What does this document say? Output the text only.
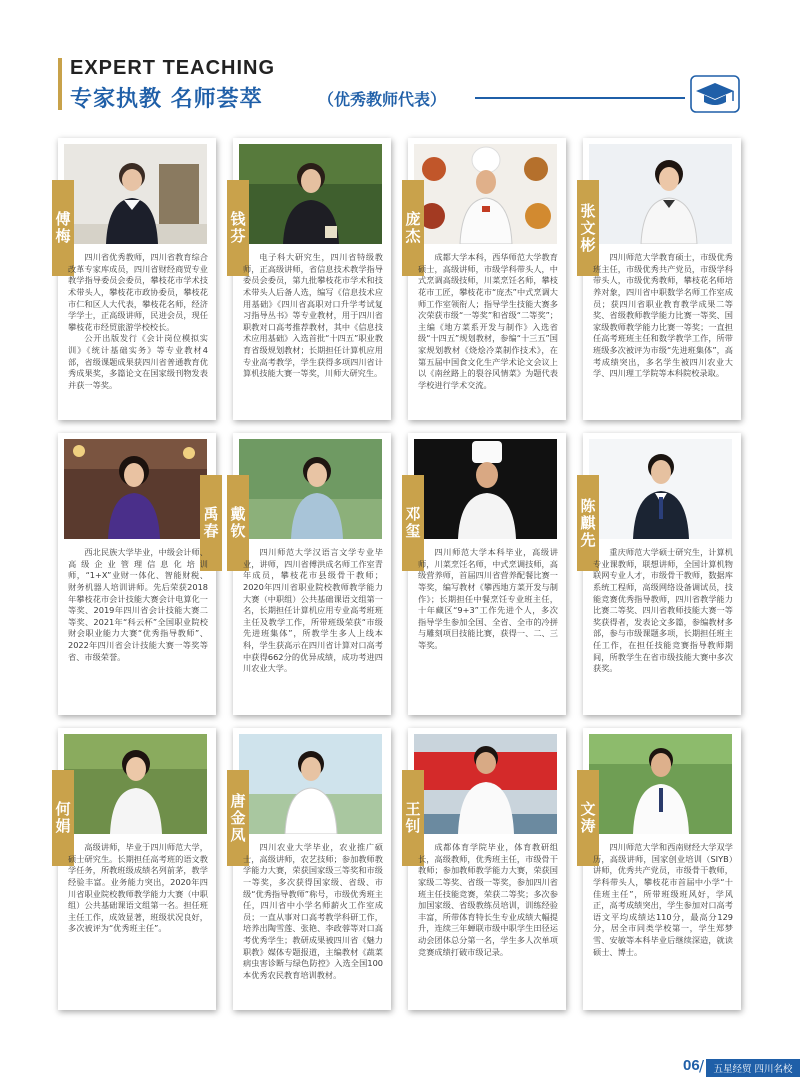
EXPERT TEACHING
专家执教 名师荟萃	（优秀教师代表）
傅梅

四川省优秀教师，四川省教育综合改革专家库成员，四川省财经商贸专业教学指导委员会委员，攀枝花市学术技术带头人，攀枝花市政协委员，攀枝花市仁和区人大代表，攀枝花名师，经济学学士，正高级讲师，民进会员，现任攀枝花市经贸旅游学校校长。

公开出版发行《会计岗位模拟实训》《统计基础实务》等专业教材4部，省级课题成果获四川省普通教育优秀成果奖，多篇论文在国家级刊物发表并获一等奖。

钱芬

电子科大研究生，四川省特级教师，正高级讲师，省信息技术教学指导委员会委员，第九批攀枝花市学术和技术带头人后备人选，编写《信息技术应用基础》《四川省高职对口升学考试复习指导丛书》等专业教材，用于四川省职教对口高考推荐教材，其中《信息技术应用基础》入选首批“十四五”职业教育省级规划教材；长期担任计算机应用专业高考教学，学生获得多项四川省计算机技能大赛一等奖，川师大研究生。

庞杰

成都大学本科，西华师范大学教育硕士，高级讲师，市级学科带头人，中式烹调高级技师，川菜烹饪名师，攀枝花市工匠，攀枝花市“庞杰”中式烹调大师工作室领衔人；指导学生技能大赛多次荣获市级“一等奖”和省级“二等奖”；主编《地方菜系开发与制作》入选省级“十四五”规划教材，参编“十三五”国家规划教材《烧烩冷菜制作技术》，在第五届中国食文化生产学术论文会议上以《南丝路上的裂谷风情菜》为题代表学校进行学术交流。

张文彬

四川师范大学教育硕士，市级优秀班主任，市级优秀共产党员，市级学科带头人，市级优秀教师，攀枝花名师培养对象，四川省中职数学名师工作室成员；获四川省职业教育教学成果二等奖、省级教师教学能力比赛一等奖、国家级教师教学能力比赛一等奖；一直担任高考班班主任和数学教学工作，所带班级多次被评为市级“先进班集体”，高考成绩突出，多名学生被四川农业大学、四川理工学院等本科院校录取。

禹春

西北民族大学毕业，中级会计师、高级企业管理信息化培训师，“1+X”业财一体化、智能财税、财务机器人培训讲师。先后荣获2018年攀枝花市会计技能大赛会计电算化一等奖、2019年四川省会计技能大赛二等奖、2021年“科云杯”全国职业院校财会职业能力大赛“优秀指导教师”、2022年四川省会计技能大赛一等奖等省、市级荣誉。

戴钦

四川师范大学汉语言文学专业毕业，讲师，四川省傅洪成名师工作室青年成员，攀枝花市县级骨干教师；2020年四川省职业院校教师教学能力大赛（中职组）公共基础课语文组第一名，长期担任计算机应用专业高考班班主任及教学工作，所带班级荣获“市级先进班集体”，所教学生多人上线本科，学生获高示在四川省计算对口高考中获得662分的优异成绩，成功考进四川农业大学。

邓玺

四川师范大学本科毕业，高级讲师，川菜烹饪名师，中式烹调技师，高级营养师，首届四川省营养配餐比赛一等奖，编写教材《攀西地方菜开发与制作》；长期担任中餐烹饪专业班主任，十年藏区“9+3”工作先进个人，多次指导学生参加全国、全省、全市的冷拼与雕刻项目技能比赛，获得一、二、三等奖。

陈麒先

重庆师范大学硕士研究生，计算机专业课教师，联想讲师，全国计算机物联网专业人才，市级骨干教师，数据库系统工程师，高级网络设备调试员，技能竞赛优秀指导教师，四川省教学能力比赛二等奖、四川省教师技能大赛一等奖获得者，发表论文多篇，参编教材多部，参与市级课题多项，长期担任班主任工作，在担任技能竞赛指导教师期间，所教学生在省市级技能大赛中多次获奖。

何娟

高级讲师，毕业于四川师范大学，硕士研究生。长期担任高考班的语文教学任务，所教班级成绩名列前茅，教学经验丰富。业务能力突出，2020年四川省职业院校教师教学能力大赛（中职组）公共基础课语文组第一名。担任班主任工作，成效显著，班级状况良好，多次被评为“优秀班主任”。

唐金凤

四川农业大学毕业，农业推广硕士，高级讲师，农艺技师；参加教师教学能力大赛，荣获国家级三等奖和市级一等奖，多次获得国家级、省级、市级“优秀指导教师”称号，市级优秀班主任，四川省中小学名师薪火工作室成员；一直从事对口高考教学科研工作，培养出陶雪莲、张艳、李政蓉等对口高考优秀学生；教研成果被四川省《魅力职教》媒体专题报道，主编教材《蔬菜病虫害诊断与绿色防控》入选全国100本优秀农民教育培训教材。

王钊

成都体育学院毕业，体育教研组长，高级教师，优秀班主任，市级骨干教师；参加教师教学能力大赛，荣获国家级二等奖、省级一等奖，参加四川省班主任技能竞赛，荣获二等奖；多次参加国家级、省级教练员培训，训练经验丰富，所带体育特长生专业成绩大幅提升，连续三年蝉联市级中职学生田径运动会团体总分第一名，学生多人次单项竞赛成绩打破市级记录。

文涛

四川师范大学和西南财经大学双学历，高级讲师，国家创业培训（SIYB）讲师，优秀共产党员，市级骨干教师，学科带头人，攀枝花市首届中小学“十佳班主任”，所带班级班风好，学风正，高考成绩突出，学生参加对口高考语文平均成绩达110分，最高分129分，居全市同类学校第一，学生郑梦雪、安敏等本科毕业后继续深造，就读硕士、博士。

06 / 五星经贸 四川名校
